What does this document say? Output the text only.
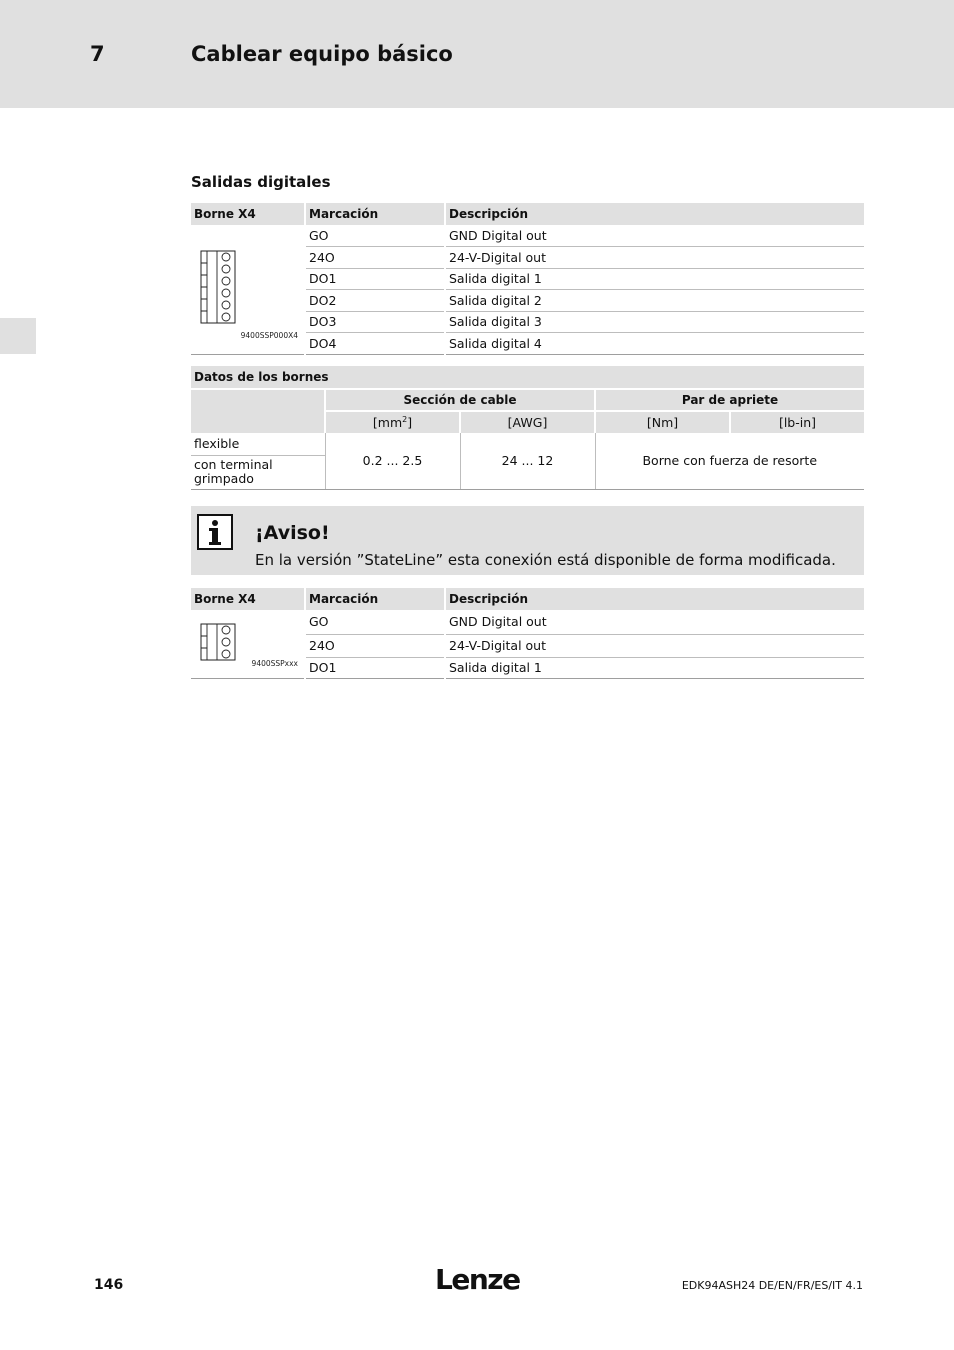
7	Cablear equipo básico
Salidas digitales
Borne X4	Marcación	Descripción

9400SSP000X4	GO	GND Digital out
	24O	24-V-Digital out
	DO1	Salida digital 1
	DO2	Salida digital 2
	DO3	Salida digital 3
	DO4	Salida digital 4
Datos de los bornes				
	Sección de cable		Par de apriete	
	$[mm^2]$	[AWG]	[Nm]	[lb-in]
flexible	0.2 ... 2.5	24 ... 12	Borne con fuerza de resorte	
con terminal grimpado				
¡Aviso!
En la versión ”StateLine” esta conexión está disponible de forma modificada.
Borne X4	Marcación	Descripción

9400SSPxxx	GO	GND Digital out
	24O	24-V-Digital out
	DO1	Salida digital 1
146	Lenze	EDK94ASH24 DE/EN/FR/ES/IT 4.1
